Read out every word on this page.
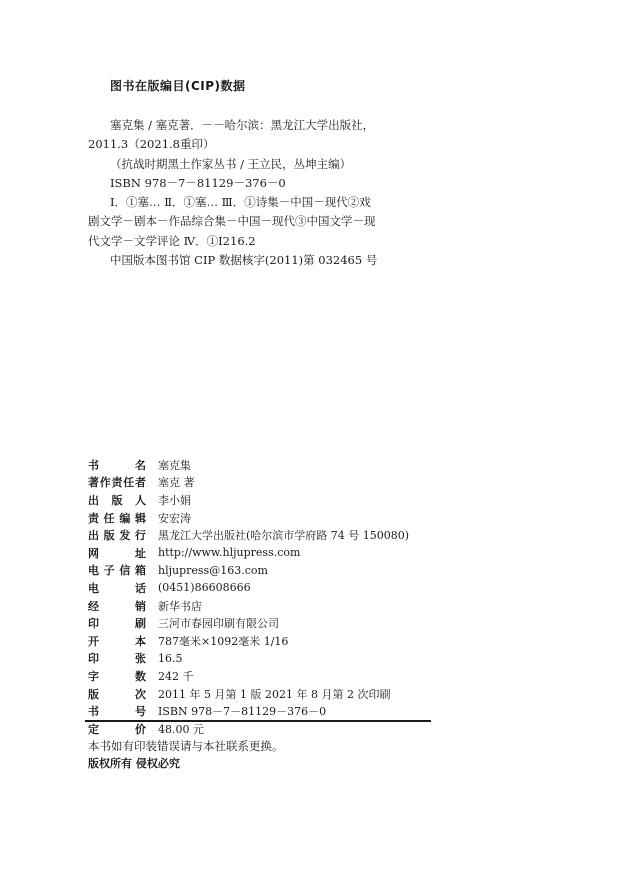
图书在版编目(CIP)数据

塞克集 / 塞克著．－－哈尔滨：黑龙江大学出版社，

2011.3（2021.8重印）

（抗战时期黑土作家丛书 / 王立民，丛坤主编）

ISBN 978－7－81129－376－0

Ⅰ．①塞… Ⅱ．①塞… Ⅲ．①诗集－中国－现代②戏

剧文学－剧本－作品综合集－中国－现代③中国文学－现

代文学－文学评论 Ⅳ．①I216.2

中国版本图书馆 CIP 数据核字(2011)第 032465 号

书	名 塞克集
著 作 责 任 者 塞克 著
出 版 人 李小娟
责 任 编 辑 安宏涛
出 版 发 行 黑龙江大学出版社(哈尔滨市学府路 74 号 150080)
网	址 http://www.hljupress.com
电 子 信 箱 hljupress@163.com
电	话 (0451)86608666
经	销 新华书店
印	刷 三河市春园印刷有限公司
开	本 787毫米×1092毫米 1/16
印	张 16.5
字	数 242 千
版	次 2011 年 5 月第 1 版 2021 年 8 月第 2 次印刷
书	号 ISBN 978－7－81129－376－0
定	价 48.00 元

本书如有印装错误请与本社联系更换。

版权所有 侵权必究
